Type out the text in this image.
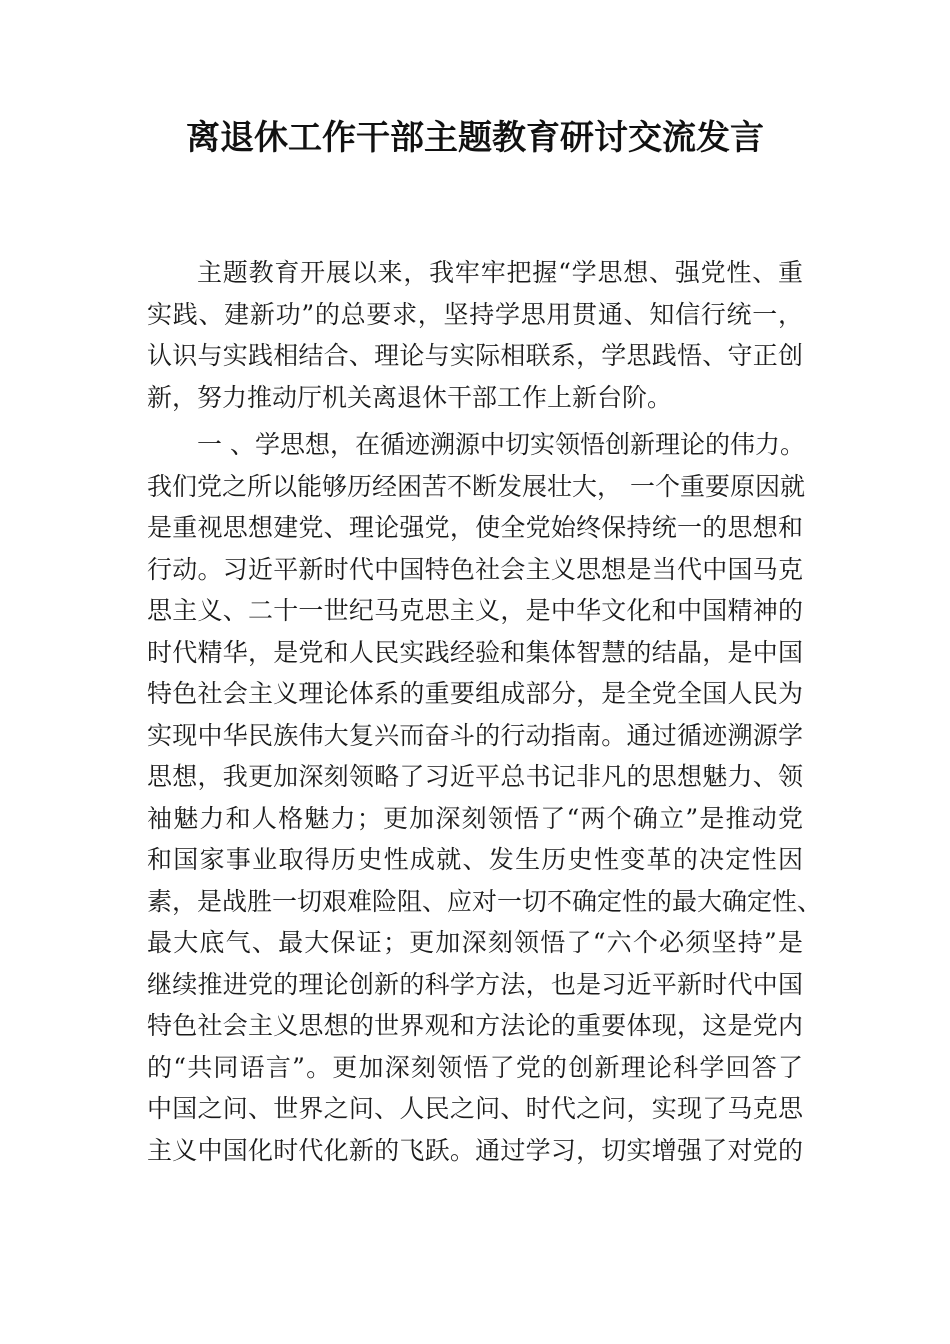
离退休工作干部主题教育研讨交流发言
主题教育开展以来，我牢牢把握“学思想、强党性、重
实践、建新功”的总要求，坚持学思用贯通、知信行统一，
认识与实践相结合、理论与实际相联系，学思践悟、守正创
新，努力推动厅机关离退休干部工作上新台阶。
一 、学思想，在循迹溯源中切实领悟创新理论的伟力。
我们党之所以能够历经困苦不断发展壮大， 一个重要原因就
是重视思想建党、理论强党，使全党始终保持统一的思想和
行动。习近平新时代中国特色社会主义思想是当代中国马克
思主义、二十一世纪马克思主义，是中华文化和中国精神的
时代精华，是党和人民实践经验和集体智慧的结晶，是中国
特色社会主义理论体系的重要组成部分，是全党全国人民为
实现中华民族伟大复兴而奋斗的行动指南。通过循迹溯源学
思想，我更加深刻领略了习近平总书记非凡的思想魅力、领
袖魅力和人格魅力；更加深刻领悟了“两个确立”是推动党
和国家事业取得历史性成就、发生历史性变革的决定性因
素，是战胜一切艰难险阻、应对一切不确定性的最大确定性、
最大底气、最大保证；更加深刻领悟了“六个必须坚持”是
继续推进党的理论创新的科学方法，也是习近平新时代中国
特色社会主义思想的世界观和方法论的重要体现，这是党内
的“共同语言”。更加深刻领悟了党的创新理论科学回答了
中国之问、世界之问、人民之问、时代之问，实现了马克思
主义中国化时代化新的飞跃。通过学习，切实增强了对党的
